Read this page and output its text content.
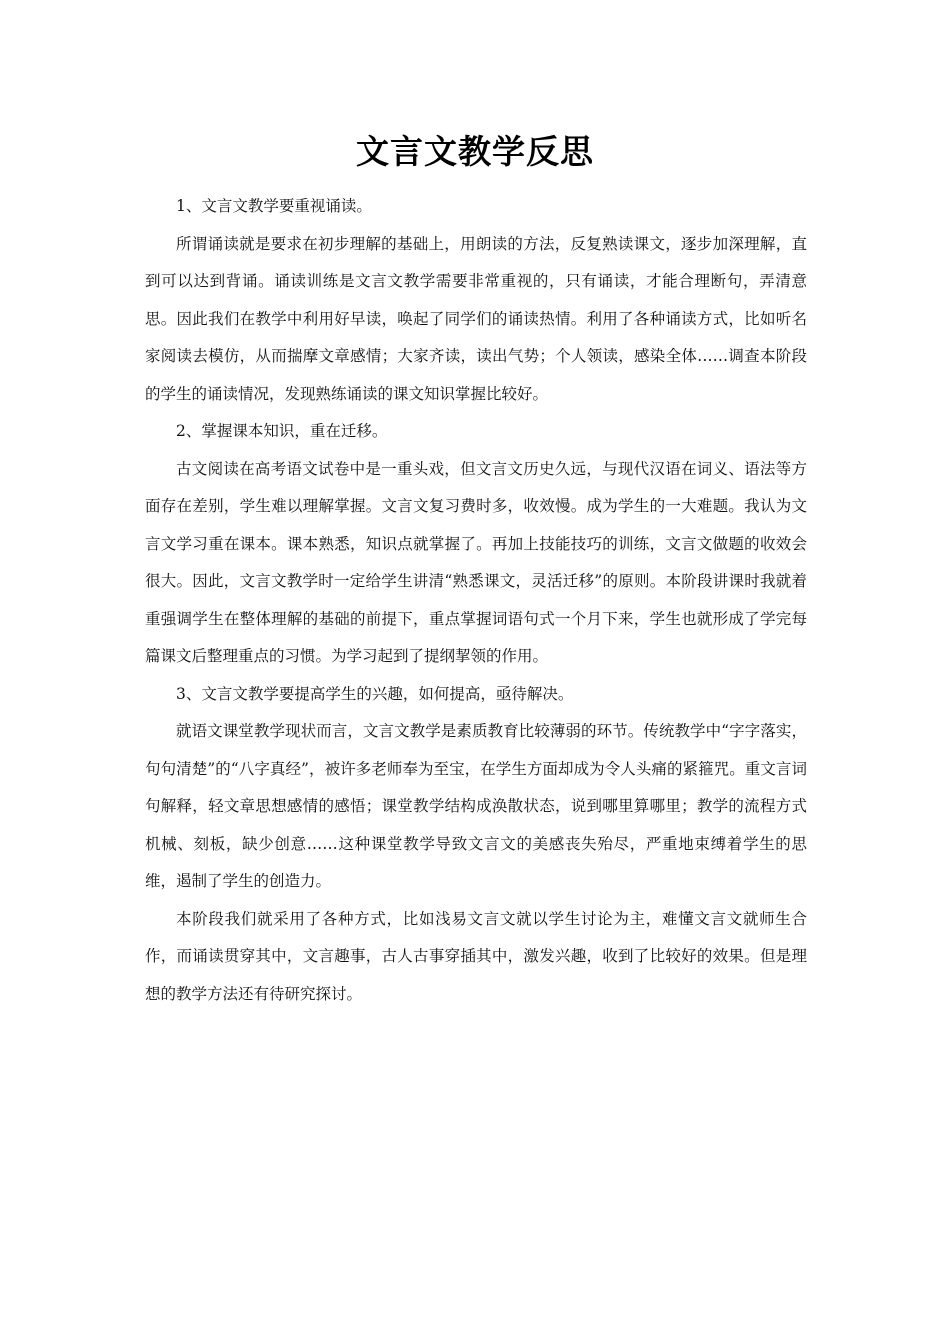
文言文教学反思

1、文言文教学要重视诵读。

所谓诵读就是要求在初步理解的基础上，用朗读的方法，反复熟读课文，逐步加深理解，直到可以达到背诵。诵读训练是文言文教学需要非常重视的，只有诵读，才能合理断句，弄清意思。因此我们在教学中利用好早读，唤起了同学们的诵读热情。利用了各种诵读方式，比如听名家阅读去模仿，从而揣摩文章感情；大家齐读，读出气势；个人领读，感染全体……调查本阶段的学生的诵读情况，发现熟练诵读的课文知识掌握比较好。

2、掌握课本知识，重在迁移。

古文阅读在高考语文试卷中是一重头戏，但文言文历史久远，与现代汉语在词义、语法等方面存在差别，学生难以理解掌握。文言文复习费时多，收效慢。成为学生的一大难题。我认为文言文学习重在课本。课本熟悉，知识点就掌握了。再加上技能技巧的训练，文言文做题的收效会很大。因此，文言文教学时一定给学生讲清“熟悉课文，灵活迁移”的原则。本阶段讲课时我就着重强调学生在整体理解的基础的前提下，重点掌握词语句式一个月下来，学生也就形成了学完每篇课文后整理重点的习惯。为学习起到了提纲挈领的作用。

3、文言文教学要提高学生的兴趣，如何提高，亟待解决。

就语文课堂教学现状而言，文言文教学是素质教育比较薄弱的环节。传统教学中“字字落实，句句清楚”的“八字真经”，被许多老师奉为至宝，在学生方面却成为令人头痛的紧箍咒。重文言词句解释，轻文章思想感情的感悟；课堂教学结构成涣散状态，说到哪里算哪里；教学的流程方式机械、刻板，缺少创意……这种课堂教学导致文言文的美感丧失殆尽，严重地束缚着学生的思维，遏制了学生的创造力。

本阶段我们就采用了各种方式，比如浅易文言文就以学生讨论为主，难懂文言文就师生合作，而诵读贯穿其中，文言趣事，古人古事穿插其中，激发兴趣，收到了比较好的效果。但是理想的教学方法还有待研究探讨。
